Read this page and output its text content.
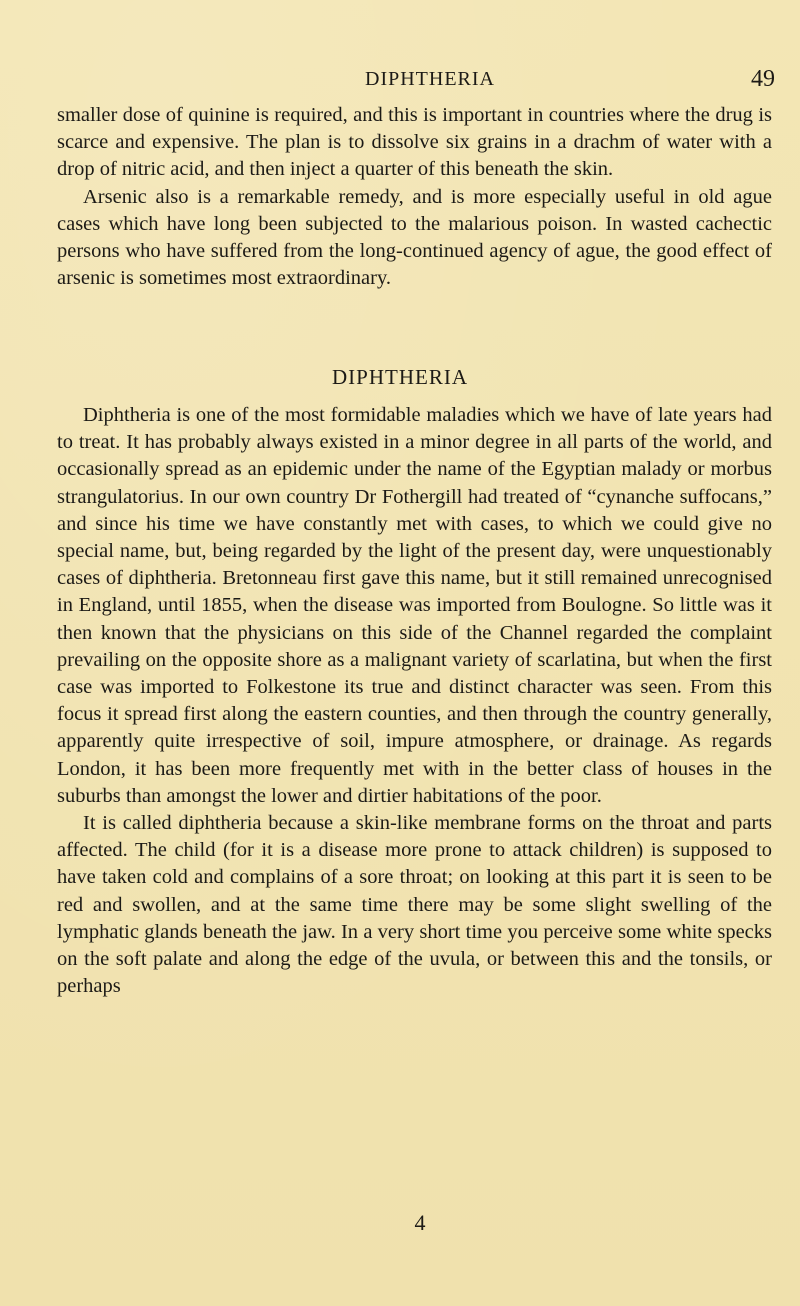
DIPHTHERIA	49

smaller dose of quinine is required, and this is important in countries where the drug is scarce and expensive. The plan is to dissolve six grains in a drachm of water with a drop of nitric acid, and then inject a quarter of this beneath the skin.

Arsenic also is a remarkable remedy, and is more especially useful in old ague cases which have long been subjected to the malarious poison. In wasted cachectic persons who have suffered from the long-continued agency of ague, the good effect of arsenic is sometimes most extraordinary.

DIPHTHERIA

Diphtheria is one of the most formidable maladies which we have of late years had to treat. It has probably always existed in a minor degree in all parts of the world, and occasionally spread as an epidemic under the name of the Egyptian malady or morbus strangulatorius. In our own country Dr Fothergill had treated of “cynanche suffocans,” and since his time we have constantly met with cases, to which we could give no special name, but, being regarded by the light of the present day, were unquestionably cases of diphtheria. Bretonneau first gave this name, but it still remained unrecognised in England, until 1855, when the disease was imported from Boulogne. So little was it then known that the physicians on this side of the Channel regarded the complaint prevailing on the opposite shore as a malignant variety of scarlatina, but when the first case was imported to Folkestone its true and distinct character was seen. From this focus it spread first along the eastern counties, and then through the country generally, apparently quite irrespective of soil, impure atmosphere, or drainage. As regards London, it has been more frequently met with in the better class of houses in the suburbs than amongst the lower and dirtier habitations of the poor.

It is called diphtheria because a skin-like membrane forms on the throat and parts affected. The child (for it is a disease more prone to attack children) is supposed to have taken cold and complains of a sore throat; on looking at this part it is seen to be red and swollen, and at the same time there may be some slight swelling of the lymphatic glands beneath the jaw. In a very short time you perceive some white specks on the soft palate and along the edge of the uvula, or between this and the tonsils, or perhaps

4
